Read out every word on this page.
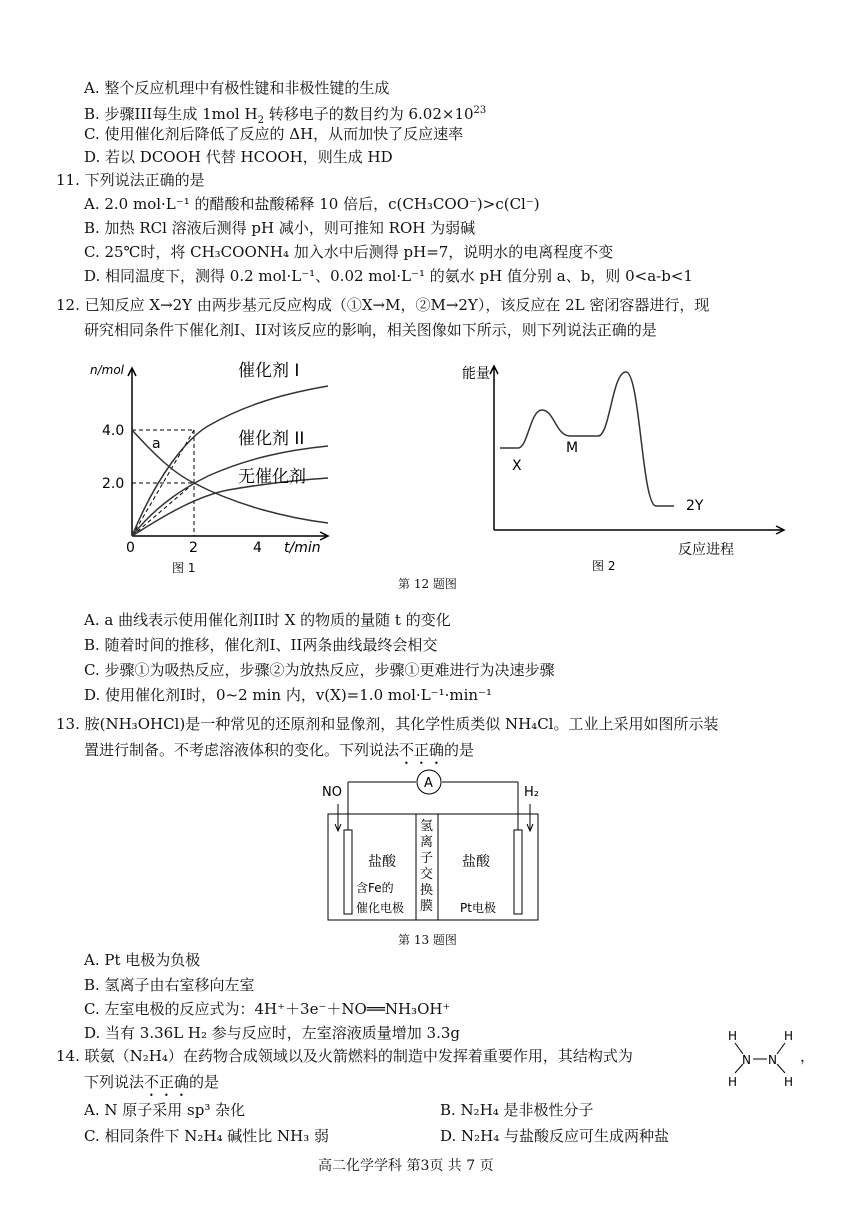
A. 整个反应机理中有极性键和非极性键的生成
B. 步骤III每生成 1mol $H_2$ 转移电子的数目约为 $6.02\times 10^{23}$
C. 使用催化剂后降低了反应的 ΔH，从而加快了反应速率
D. 若以 DCOOH 代替 HCOOH，则生成 HD
11. 下列说法正确的是
A. 2.0 mol·L⁻¹ 的醋酸和盐酸稀释 10 倍后，c(CH₃COO⁻)>c(Cl⁻)
B. 加热 RCl 溶液后测得 pH 减小，则可推知 ROH 为弱碱
C. 25℃时，将 CH₃COONH₄ 加入水中后测得 pH=7，说明水的电离程度不变
D. 相同温度下，测得 0.2 mol·L⁻¹、0.02 mol·L⁻¹ 的氨水 pH 值分别 a、b，则 0<a-b<1
12. 已知反应 X→2Y 由两步基元反应构成（①X→M，②M→2Y），该反应在 2L 密闭容器进行，现
研究相同条件下催化剂I、II对该反应的影响，相关图像如下所示，则下列说法正确的是
n/mol
4.0
2.0
0	2	4 t/min
a
催化剂 I
催化剂 II
无催化剂
图 1
能量
X
M
2Y
反应进程
图 2
第 12 题图
A. a 曲线表示使用催化剂II时 X 的物质的量随 t 的变化
B. 随着时间的推移，催化剂I、II两条曲线最终会相交
C. 步骤①为吸热反应，步骤②为放热反应，步骤①更难进行为决速步骤
D. 使用催化剂I时，0~2 min 内，v(X)=1.0 mol·L⁻¹·min⁻¹
13. 胺(NH₃OHCl)是一种常见的还原剂和显像剂，其化学性质类似 NH₄Cl。工业上采用如图所示装
置进行制备。不考虑溶液体积的变化。下列说法不正确的是
A
NO	H₂
盐酸
含Fe的
催化电极
盐酸
Pt电极
氢
离
子
交
换
膜
第 13 题图
A. Pt 电极为负极
B. 氢离子由右室移向左室
C. 左室电极的反应式为：4H⁺＋3e⁻＋NO══NH₃OH⁺
D. 当有 3.36L H₂ 参与反应时，左室溶液质量增加 3.3g
14. 联氨（N₂H₄）在药物合成领域以及火箭燃料的制造中发挥着重要作用，其结构式为	，
下列说法不正确的是
N N
H
H
H
H
A. N 原子采用 sp³ 杂化	B. N₂H₄ 是非极性分子
C. 相同条件下 N₂H₄ 碱性比 NH₃ 弱	D. N₂H₄ 与盐酸反应可生成两种盐
高二化学学科 第3页 共 7 页
